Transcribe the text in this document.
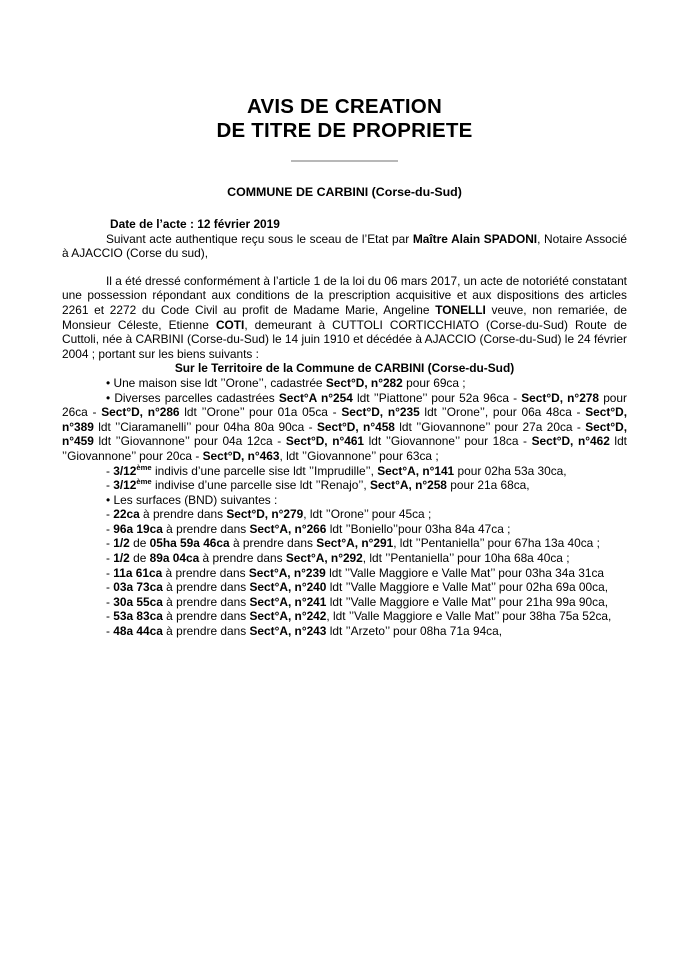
AVIS DE CREATION
DE TITRE DE PROPRIETE

COMMUNE DE CARBINI (Corse-du-Sud)

Date de l’acte : 12 février 2019

Suivant acte authentique reçu sous le sceau de l’Etat par Maître Alain SPADONI, Notaire Associé à AJACCIO (Corse du sud),

Il a été dressé conformément à l’article 1 de la loi du 06 mars 2017, un acte de notoriété constatant une possession répondant aux conditions de la prescription acquisitive et aux dispositions des articles 2261 et 2272 du Code Civil au profit de Madame Marie, Angeline TONELLI veuve, non remariée, de Monsieur Céleste, Etienne COTI, demeurant à CUTTOLI CORTICCHIATO (Corse-du-Sud) Route de Cuttoli, née à CARBINI (Corse-du-Sud) le 14 juin 1910 et décédée à AJACCIO (Corse-du-Sud) le 24 février 2004 ; portant sur les biens suivants :

Sur le Territoire de la Commune de CARBINI (Corse-du-Sud)

• Une maison sise ldt ’’Orone’’, cadastrée Sect°D, n°282 pour 69ca ;

• Diverses parcelles cadastrées Sect°A n°254 ldt ’’Piattone’’ pour 52a 96ca - Sect°D, n°278 pour 26ca - Sect°D, n°286 ldt ’’Orone’’ pour 01a 05ca - Sect°D, n°235 ldt ’’Orone’’, pour 06a 48ca - Sect°D, n°389 ldt ’’Ciaramanelli’’ pour 04ha 80a 90ca - Sect°D, n°458 ldt ’’Giovannone’’ pour 27a 20ca - Sect°D, n°459 ldt ’’Giovannone’’ pour 04a 12ca - Sect°D, n°461 ldt ’’Giovannone’’ pour 18ca - Sect°D, n°462 ldt ’’Giovannone’’ pour 20ca - Sect°D, n°463, ldt ’’Giovannone’’ pour 63ca ;

- 3/12ème indivis d’une parcelle sise ldt ’’Imprudille’’, Sect°A, n°141 pour 02ha 53a 30ca,

- 3/12ème indivise d’une parcelle sise ldt ’’Renajo’’, Sect°A, n°258 pour 21a 68ca,

• Les surfaces (BND) suivantes :

- 22ca à prendre dans Sect°D, n°279, ldt ’’Orone’’ pour 45ca ;

- 96a 19ca à prendre dans Sect°A, n°266 ldt ’’Boniello’’pour 03ha 84a 47ca ;

- 1/2 de 05ha 59a 46ca à prendre dans Sect°A, n°291, ldt ’’Pentaniella’’ pour 67ha 13a 40ca ;

- 1/2 de 89a 04ca à prendre dans Sect°A, n°292, ldt ’’Pentaniella’’ pour 10ha 68a 40ca ;

- 11a 61ca à prendre dans Sect°A, n°239 ldt ’’Valle Maggiore e Valle Mat’’ pour 03ha 34a 31ca

- 03a 73ca à prendre dans Sect°A, n°240 ldt ’’Valle Maggiore e Valle Mat’’ pour 02ha 69a 00ca,

- 30a 55ca à prendre dans Sect°A, n°241 ldt ’’Valle Maggiore e Valle Mat’’ pour 21ha 99a 90ca,

- 53a 83ca à prendre dans Sect°A, n°242, ldt ’’Valle Maggiore e Valle Mat’’ pour 38ha 75a 52ca,

- 48a 44ca à prendre dans Sect°A, n°243 ldt ’’Arzeto’’ pour 08ha 71a 94ca,
